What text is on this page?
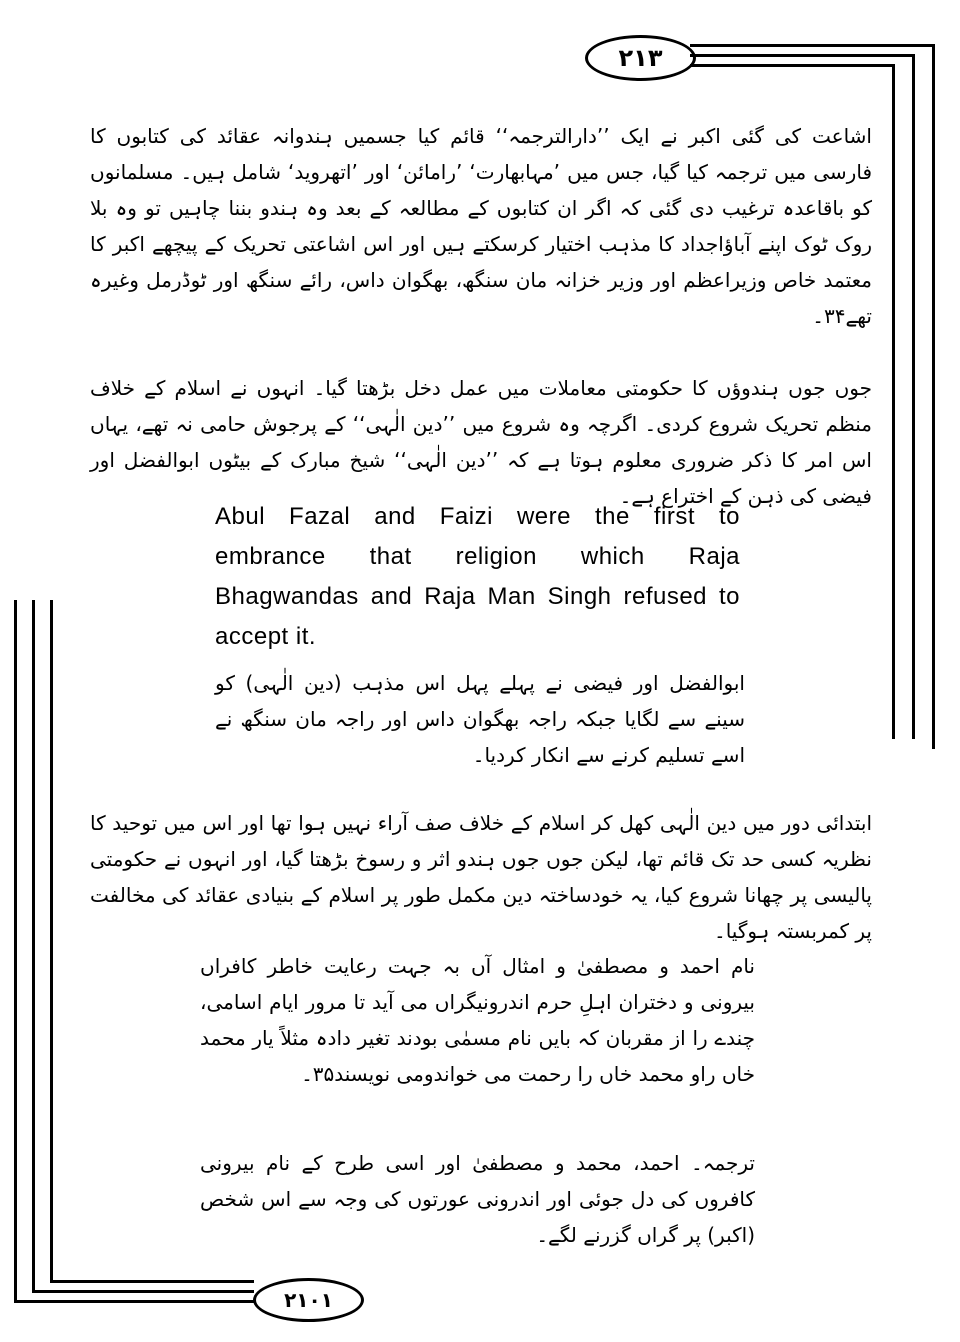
۲۱۳
۲۱۰۱

اشاعت کی گئی اکبر نے ایک ’’دارالترجمہ‘‘ قائم کیا جسمیں ہندوانہ عقائد کی کتابوں کا فارسی میں ترجمہ کیا گیا، جس میں ’مہابھارت‘ ’رامائن‘ اور ’اتھروید‘ شامل ہیں۔ مسلمانوں کو باقاعدہ ترغیب دی گئی کہ اگر ان کتابوں کے مطالعہ کے بعد وہ ہندو بننا چاہیں تو وہ بلا روک ٹوک اپنے آباؤاجداد کا مذہب اختیار کرسکتے ہیں اور اس اشاعتی تحریک کے پیچھے اکبر کا معتمد خاص وزیراعظم اور وزیر خزانہ مان سنگھ، بھگوان داس، رائے سنگھ اور ٹوڈرمل وغیرہ تھے۳۴۔

جوں جوں ہندوؤں کا حکومتی معاملات میں عمل دخل بڑھتا گیا۔ انہوں نے اسلام کے خلاف منظم تحریک شروع کردی۔ اگرچہ وہ شروع میں ’’دین الٰہی‘‘ کے پرجوش حامی نہ تھے، یہاں اس امر کا ذکر ضروری معلوم ہوتا ہے کہ ’’دین الٰہی‘‘ شیخ مبارک کے بیٹوں ابوالفضل اور فیضی کی ذہن کے اختراع ہے۔

Abul Fazal and Faizi were the first to embrance that religion which Raja Bhagwandas and Raja Man Singh refused to accept it.

ابوالفضل اور فیضی نے پہلے پہل اس مذہب (دین الٰہی) کو سینے سے لگایا جبکہ راجہ بھگوان داس اور راجہ مان سنگھ نے اسے تسلیم کرنے سے انکار کردیا۔

ابتدائی دور میں دین الٰہی کھل کر اسلام کے خلاف صف آراء نہیں ہوا تھا اور اس میں توحید کا نظریہ کسی حد تک قائم تھا، لیکن جوں جوں ہندو اثر و رسوخ بڑھتا گیا، اور انہوں نے حکومتی پالیسی پر چھانا شروع کیا، یہ خودساختہ دین مکمل طور پر اسلام کے بنیادی عقائد کی مخالفت پر کمربستہ ہوگیا۔

نام احمد و مصطفیٰ و امثال آں بہ جہت رعایت خاطر کافراں بیرونی و دختران اہلِ حرم اندرونیگراں می آید تا مرور ایام اسامی، چندے را از مقربان کہ بایں نام مسمٰی بودند تغیر دادہ مثلاً یار محمد خاں راو محمد خاں را رحمت می خواندومی نویسند۳۵۔

ترجمہ۔ احمد، محمد و مصطفیٰ اور اسی طرح کے نام بیرونی کافروں کی دل جوئی اور اندرونی عورتوں کی وجہ سے اس شخص (اکبر) پر گراں گزرنے لگے۔
